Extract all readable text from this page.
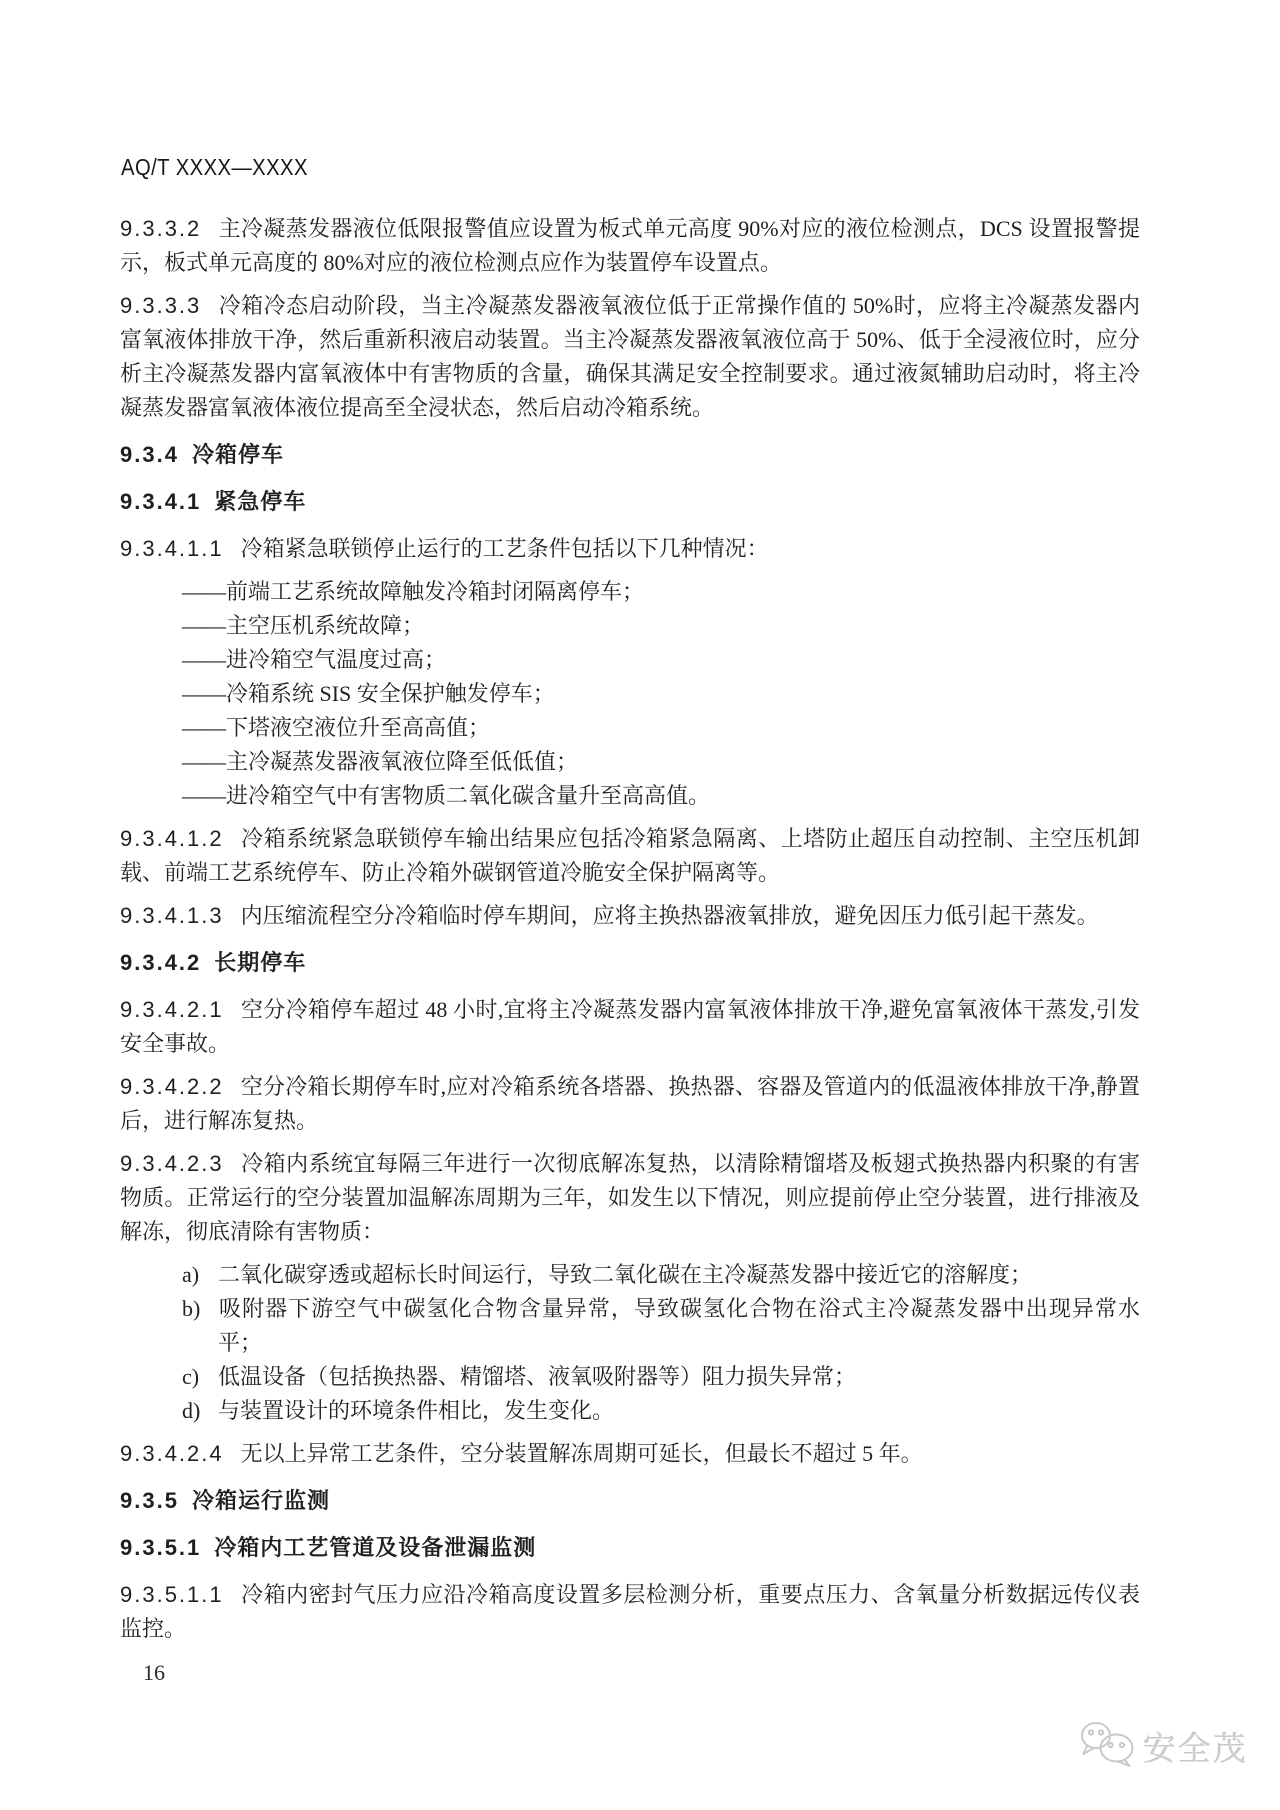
AQ/T XXXX—XXXX

9.3.3.2 主冷凝蒸发器液位低限报警值应设置为板式单元高度 90%对应的液位检测点，DCS 设置报警提示，板式单元高度的 80%对应的液位检测点应作为装置停车设置点。

9.3.3.3 冷箱冷态启动阶段，当主冷凝蒸发器液氧液位低于正常操作值的 50%时，应将主冷凝蒸发器内富氧液体排放干净，然后重新积液启动装置。当主冷凝蒸发器液氧液位高于 50%、低于全浸液位时，应分析主冷凝蒸发器内富氧液体中有害物质的含量，确保其满足安全控制要求。通过液氮辅助启动时，将主冷凝蒸发器富氧液体液位提高至全浸状态，然后启动冷箱系统。

9.3.4 冷箱停车

9.3.4.1 紧急停车

9.3.4.1.1 冷箱紧急联锁停止运行的工艺条件包括以下几种情况：

——前端工艺系统故障触发冷箱封闭隔离停车；

——主空压机系统故障；

——进冷箱空气温度过高；

——冷箱系统 SIS 安全保护触发停车；

——下塔液空液位升至高高值；

——主冷凝蒸发器液氧液位降至低低值；

——进冷箱空气中有害物质二氧化碳含量升至高高值。

9.3.4.1.2 冷箱系统紧急联锁停车输出结果应包括冷箱紧急隔离、上塔防止超压自动控制、主空压机卸载、前端工艺系统停车、防止冷箱外碳钢管道冷脆安全保护隔离等。

9.3.4.1.3 内压缩流程空分冷箱临时停车期间，应将主换热器液氧排放，避免因压力低引起干蒸发。

9.3.4.2 长期停车

9.3.4.2.1 空分冷箱停车超过 48 小时,宜将主冷凝蒸发器内富氧液体排放干净,避免富氧液体干蒸发,引发安全事故。

9.3.4.2.2 空分冷箱长期停车时,应对冷箱系统各塔器、换热器、容器及管道内的低温液体排放干净,静置后，进行解冻复热。

9.3.4.2.3 冷箱内系统宜每隔三年进行一次彻底解冻复热，以清除精馏塔及板翅式换热器内积聚的有害物质。正常运行的空分装置加温解冻周期为三年，如发生以下情况，则应提前停止空分装置，进行排液及解冻，彻底清除有害物质：

a) 二氧化碳穿透或超标长时间运行，导致二氧化碳在主冷凝蒸发器中接近它的溶解度；

b) 吸附器下游空气中碳氢化合物含量异常，导致碳氢化合物在浴式主冷凝蒸发器中出现异常水平；

c) 低温设备（包括换热器、精馏塔、液氧吸附器等）阻力损失异常；

d) 与装置设计的环境条件相比，发生变化。

9.3.4.2.4 无以上异常工艺条件，空分装置解冻周期可延长，但最长不超过 5 年。

9.3.5 冷箱运行监测

9.3.5.1 冷箱内工艺管道及设备泄漏监测

9.3.5.1.1 冷箱内密封气压力应沿冷箱高度设置多层检测分析，重要点压力、含氧量分析数据远传仪表监控。

16
安全茂
